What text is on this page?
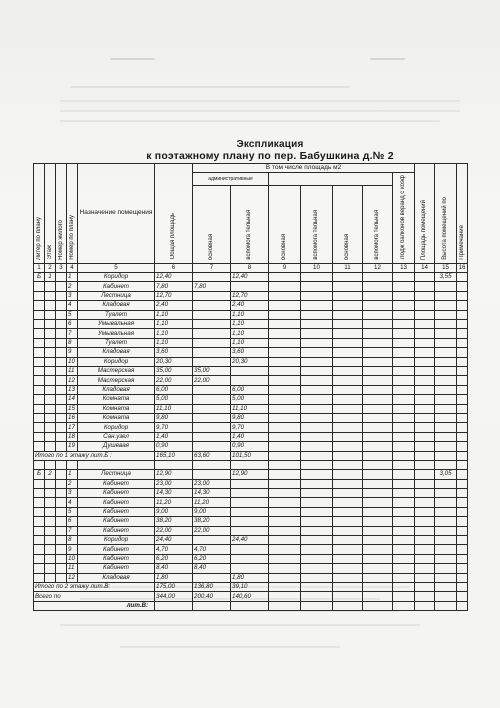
Экспликация
к поэтажному плану по пер. Бабушкина д.№ 2
Литер по плану	Этаж	Номер жилого	Номер по плану	Назначение помещения	Общая площадь	В том числе площадь м2							Площадь помещений	Высота помещений по	Примечание
						административные						Лодж балконов веранд с коэф			
						основная	вспомога тельная	основная	вспомога тельная	основная	вспомога тельная				
1	2	3	4	5	6	7	8	9	10	11	12	13	14	15	16
Б	1		1	Коридор	12,40		12,40							3,55	
			2	Кабинет	7,80	7,80									
			3	Лестница	12,70		12,70								
			4	Кладовая	2,40		2,40								
			5	Туалет	1,10		1,10								
			6	Умывальная	1,10		1,10								
			7	Умывальная	1,10		1,10								
			8	Туалет	1,10		1,10								
			9	Кладовая	3,60		3,60								
			10	Коридор	20,30		20,30								
			11	Мастерская	35,00	35,00									
			12	Мастерская	22,00	22,00									
			13	Кладовая	6,00		6,00								
			14	Комната	5,00		5,00								
			15	Комната	11,10		11,10								
			16	Комната	9,80		9,80								
			17	Коридор	9,70		9,70								
			18	Сан.узел	1,40		1,40								
			19	Душевая	0,90		0,90								
Итого по 1 этажу лит.Б :					165,10	63,60	101,50								

Б	2		1	Лестница	12,90		12,90							3,05	
			2	Кабинет	23,00	23,00									
			3	Кабинет	14,30	14,30									
			4	Кабинет	11,20	11,20									
			5	Кабинет	9,00	9,00									
			6	Кабинет	38,20	38,20									
			7	Кабинет	22,00	22,00									
			8	Коридор	24,40		24,40								
			9	Кабинет	4,70	4,70									
			10	Кабинет	6,20	6,20									
			11	Кабинет	8,40	8,40									
			12	Кладовая	1,80		1,80								
Итого по 2 этажу лит.В:					175,00	136,80	39,10								
Всего по					344,00	200,40	140,60								
лит.В:															
